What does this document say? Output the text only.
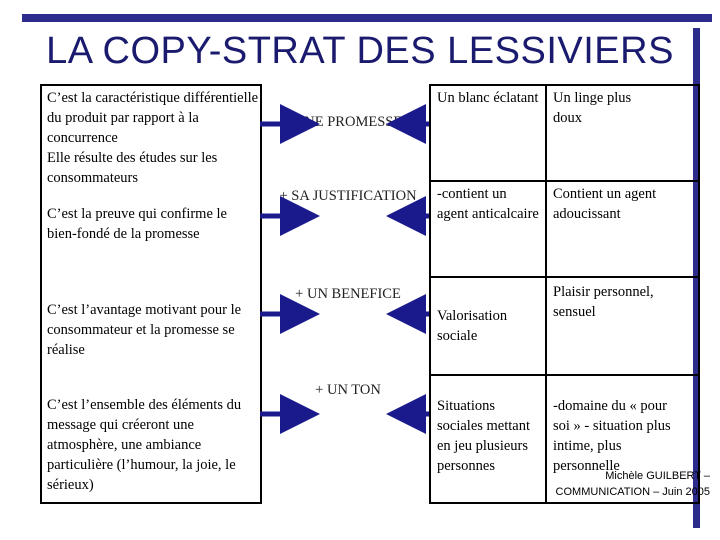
LA COPY-STRAT DES LESSIVIERS
C’est la caractéristique différentielle du produit par rapport à la concurrence
Elle résulte des études sur les consommateurs
C’est la preuve qui confirme le bien-fondé de la promesse
C’est l’avantage motivant pour le consommateur et la promesse se réalise
C’est l’ensemble des éléments du message qui créeront une atmosphère, une ambiance particulière (l’humour, la joie, le sérieux)
UNE PROMESSE
+ SA JUSTIFICATION
+ UN BENEFICE
+ UN TON
Un blanc éclatant Un linge plus doux
-contient un agent anticalcaire
Contient un agent adoucissant
Valorisation sociale
Plaisir personnel, sensuel
Situations sociales mettant en jeu plusieurs personnes
-domaine du « pour soi » - situation plus intime, plus personnelle
Michèle GUILBERT –
COMMUNICATION – Juin 2005
